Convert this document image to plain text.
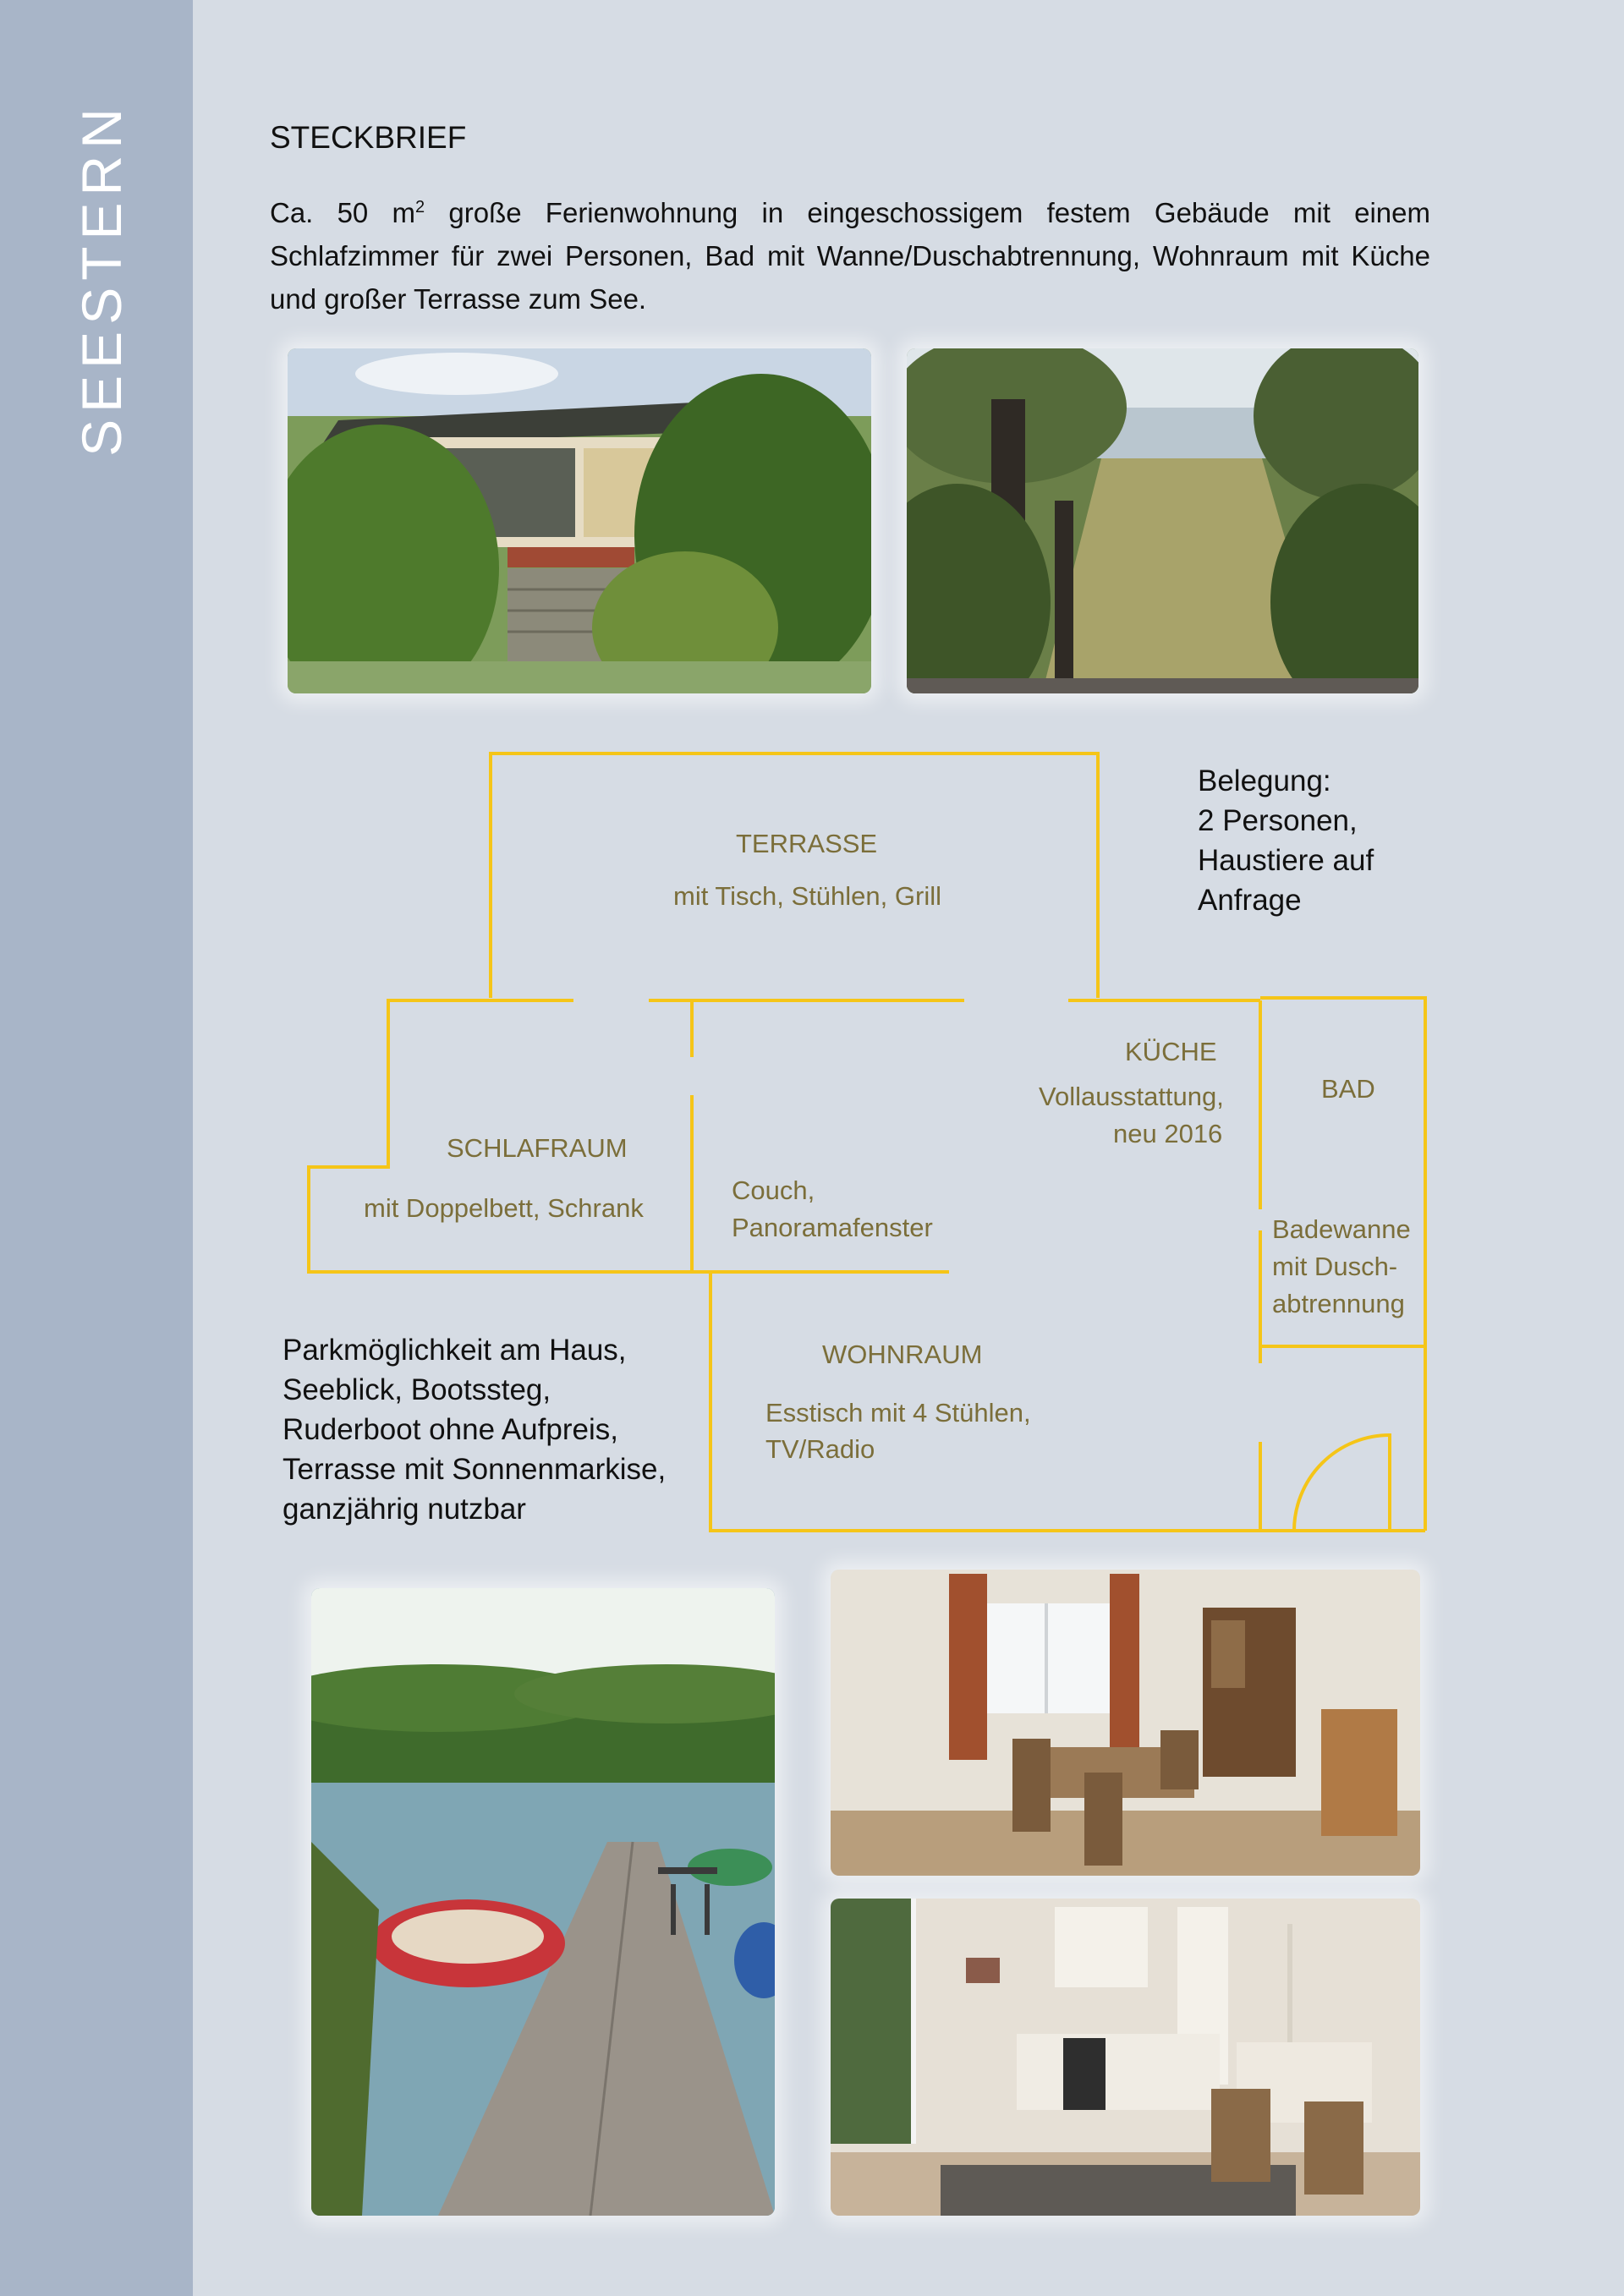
SEESTERN	STECKBRIEF
Ca. 50 $m^2$ große Ferienwohnung in eingeschossigem festem Gebäude mit einem Schlafzimmer für zwei Personen, Bad mit Wanne/Duschabtrennung, Wohnraum mit Küche und großer Terrasse zum See.
TERRASSE
mit Tisch, Stühlen, Grill
KÜCHE
Vollausstattung,
neu 2016
BAD
Badewanne
mit Dusch-
abtrennung
SCHLAFRAUM
mit Doppelbett, Schrank
Couch,
Panoramafenster
WOHNRAUM
Esstisch mit 4 Stühlen,
TV/Radio
Belegung:
2 Personen,
Haustiere auf
Anfrage
Parkmöglichkeit am Haus,
Seeblick, Bootssteg,
Ruderboot ohne Aufpreis,
Terrasse mit Sonnenmarkise,
ganzjährig nutzbar
